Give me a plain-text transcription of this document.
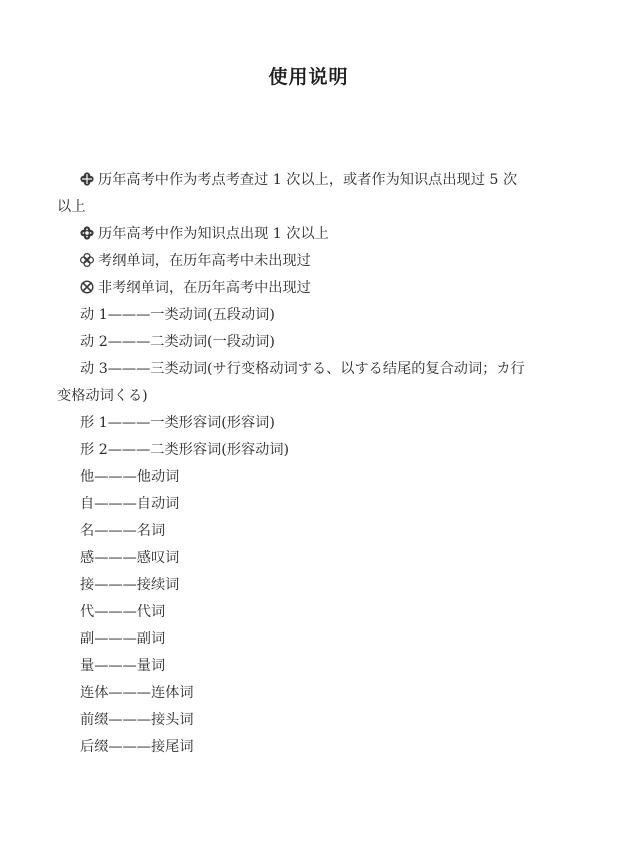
使用说明
历年高考中作为考点考查过 1 次以上，或者作为知识点出现过 5 次
以上
历年高考中作为知识点出现 1 次以上
考纲单词，在历年高考中未出现过
非考纲单词，在历年高考中出现过
动 1———一类动词(五段动词)
动 2———二类动词(一段动词)
动 3———三类动词(サ行变格动词する、以する结尾的复合动词；カ行
变格动词くる)
形 1———一类形容词(形容词)
形 2———二类形容词(形容动词)
他———他动词
自———自动词
名———名词
感———感叹词
接———接续词
代———代词
副———副词
量———量词
连体———连体词
前缀———接头词
后缀———接尾词
